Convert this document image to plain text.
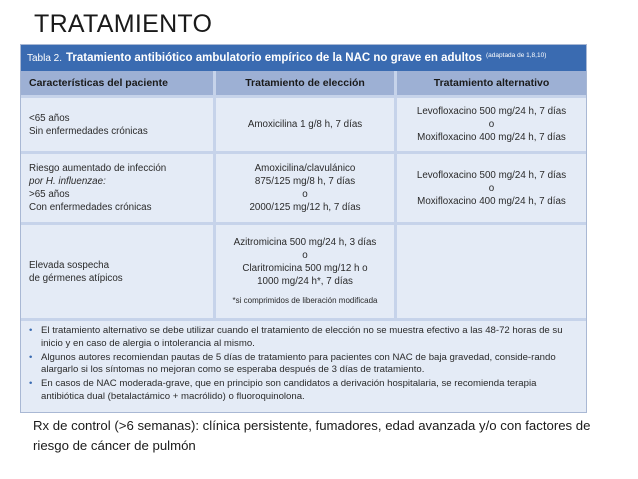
TRATAMIENTO
Tabla 2. Tratamiento antibiótico ambulatorio empírico de la NAC no grave en adultos (adaptada de 1,8,10)
Características del paciente	Tratamiento de elección	Tratamiento alternativo
<65 años
Sin enfermedades crónicas
Amoxicilina 1 g/8 h, 7 días
Levofloxacino 500 mg/24 h, 7 días
o
Moxifloxacino 400 mg/24 h, 7 días
Riesgo aumentado de infección
por H. influenzae:
>65 años
Con enfermedades crónicas
Amoxicilina/clavulánico
875/125 mg/8 h, 7 días
o
2000/125 mg/12 h, 7 días
Levofloxacino 500 mg/24 h, 7 días
o
Moxifloxacino 400 mg/24 h, 7 días
Elevada sospecha
de gérmenes atípicos
Azitromicina 500 mg/24 h, 3 días
o
Claritromicina 500 mg/12 h o
1000 mg/24 h*, 7 días
*si comprimidos de liberación modificada
• El tratamiento alternativo se debe utilizar cuando el tratamiento de elección no se muestra efectivo a las 48-72 horas de su inicio y en caso de alergia o intolerancia al mismo.
• Algunos autores recomiendan pautas de 5 días de tratamiento para pacientes con NAC de baja gravedad, conside-rando alargarlo si los síntomas no mejoran como se esperaba después de 3 días de tratamiento.
• En casos de NAC moderada-grave, que en principio son candidatos a derivación hospitalaria, se recomienda terapia antibiótica dual (betalactámico + macrólido) o fluoroquinolona.
Rx de control (>6 semanas): clínica persistente, fumadores, edad avanzada y/o con factores de riesgo de cáncer de pulmón
